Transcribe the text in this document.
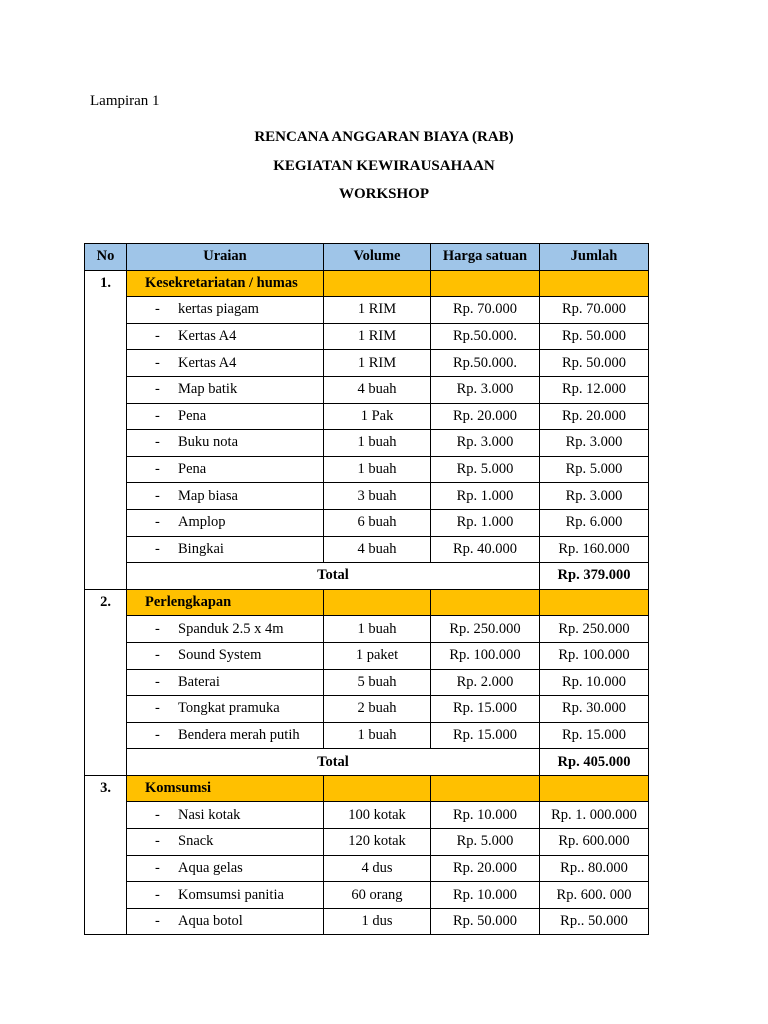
Lampiran 1
RENCANA ANGGARAN BIAYA (RAB)
KEGIATAN KEWIRAUSAHAAN
WORKSHOP
No	Uraian	Volume	Harga satuan	Jumlah
1.	Kesekretariatan / humas			
	- kertas piagam	1 RIM	Rp. 70.000	Rp. 70.000
	- Kertas A4	1 RIM	Rp.50.000.	Rp. 50.000
	- Kertas A4	1 RIM	Rp.50.000.	Rp. 50.000
	- Map batik	4 buah	Rp. 3.000	Rp. 12.000
	- Pena	1 Pak	Rp. 20.000	Rp. 20.000
	- Buku nota	1 buah	Rp. 3.000	Rp. 3.000
	- Pena	1 buah	Rp. 5.000	Rp. 5.000
	- Map biasa	3 buah	Rp. 1.000	Rp. 3.000
	- Amplop	6 buah	Rp. 1.000	Rp. 6.000
	- Bingkai	4 buah	Rp. 40.000	Rp. 160.000
	Total			Rp. 379.000
2.	Perlengkapan			
	- Spanduk 2.5 x 4m	1 buah	Rp. 250.000	Rp. 250.000
	- Sound System	1 paket	Rp. 100.000	Rp. 100.000
	- Baterai	5 buah	Rp. 2.000	Rp. 10.000
	- Tongkat pramuka	2 buah	Rp. 15.000	Rp. 30.000
	- Bendera merah putih	1 buah	Rp. 15.000	Rp. 15.000
	Total			Rp. 405.000
3.	Komsumsi			
	- Nasi kotak	100 kotak	Rp. 10.000	Rp. 1. 000.000
	- Snack	120 kotak	Rp. 5.000	Rp. 600.000
	- Aqua gelas	4 dus	Rp. 20.000	Rp.. 80.000
	- Komsumsi panitia	60 orang	Rp. 10.000	Rp. 600. 000
	- Aqua botol	1 dus	Rp. 50.000	Rp.. 50.000
